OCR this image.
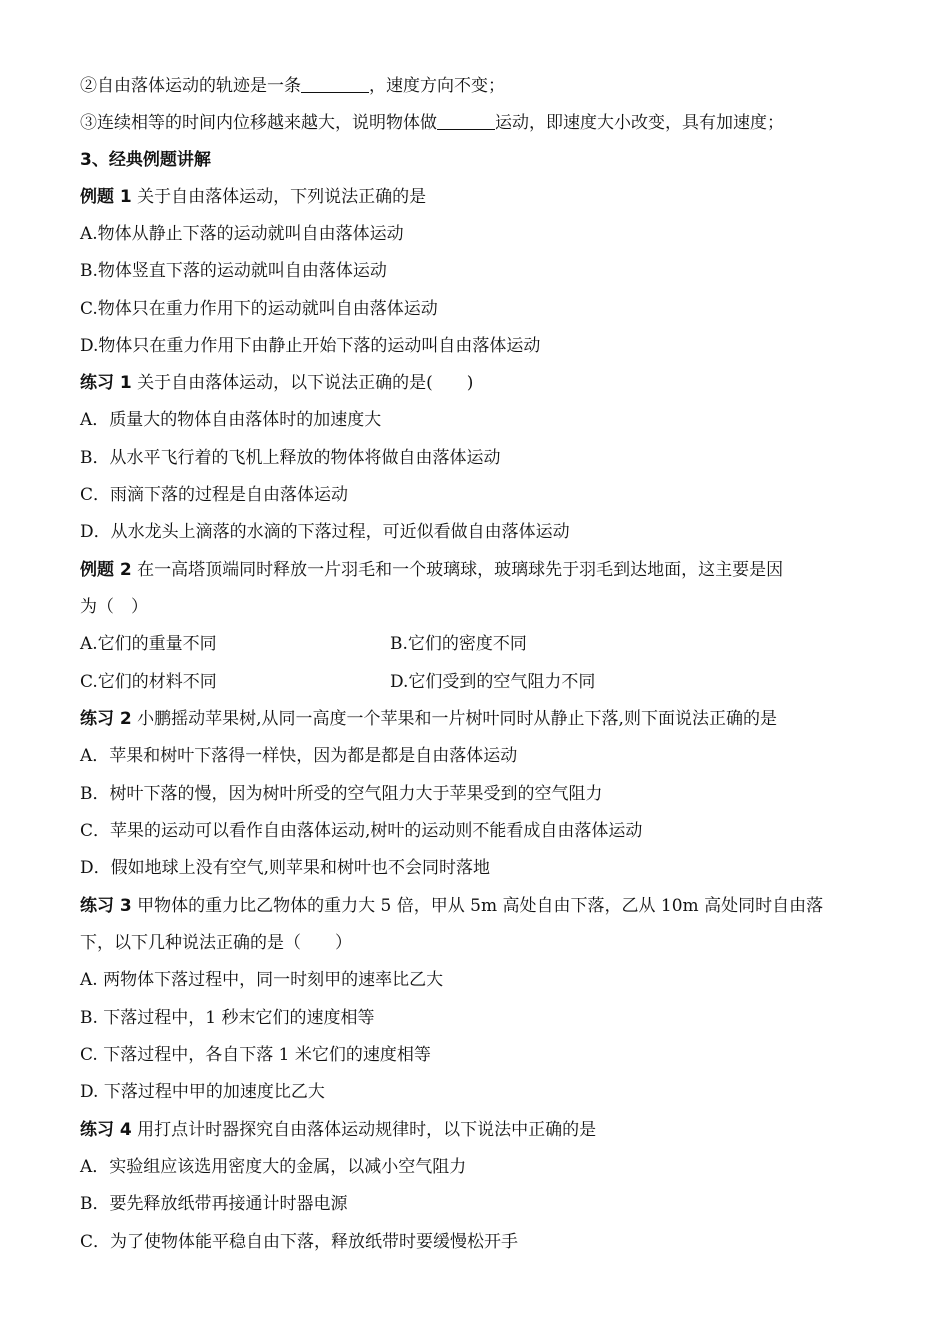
②自由落体运动的轨迹是一条	，速度方向不变；
③连续相等的时间内位移越来越大，说明物体做	运动，即速度大小改变，具有加速度；
3、经典例题讲解
例题 1 关于自由落体运动，下列说法正确的是
A.物体从静止下落的运动就叫自由落体运动
B.物体竖直下落的运动就叫自由落体运动
C.物体只在重力作用下的运动就叫自由落体运动
D.物体只在重力作用下由静止开始下落的运动叫自由落体运动
练习 1 关于自由落体运动，以下说法正确的是(　　)
A．质量大的物体自由落体时的加速度大
B．从水平飞行着的飞机上释放的物体将做自由落体运动
C．雨滴下落的过程是自由落体运动
D．从水龙头上滴落的水滴的下落过程，可近似看做自由落体运动
例题 2 在一高塔顶端同时释放一片羽毛和一个玻璃球，玻璃球先于羽毛到达地面，这主要是因
为（　）
A.它们的重量不同	B.它们的密度不同
C.它们的材料不同	D.它们受到的空气阻力不同
练习 2 小鹏摇动苹果树,从同一高度一个苹果和一片树叶同时从静止下落,则下面说法正确的是
A．苹果和树叶下落得一样快，因为都是都是自由落体运动
B．树叶下落的慢，因为树叶所受的空气阻力大于苹果受到的空气阻力
C．苹果的运动可以看作自由落体运动,树叶的运动则不能看成自由落体运动
D．假如地球上没有空气,则苹果和树叶也不会同时落地
练习 3 甲物体的重力比乙物体的重力大 5 倍，甲从 5m 高处自由下落，乙从 10m 高处同时自由落
下，以下几种说法正确的是（　　）
A. 两物体下落过程中，同一时刻甲的速率比乙大
B. 下落过程中，1 秒末它们的速度相等
C. 下落过程中，各自下落 1 米它们的速度相等
D. 下落过程中甲的加速度比乙大
练习 4 用打点计时器探究自由落体运动规律时，以下说法中正确的是
A．实验组应该选用密度大的金属，以减小空气阻力
B．要先释放纸带再接通计时器电源
C．为了使物体能平稳自由下落，释放纸带时要缓慢松开手
